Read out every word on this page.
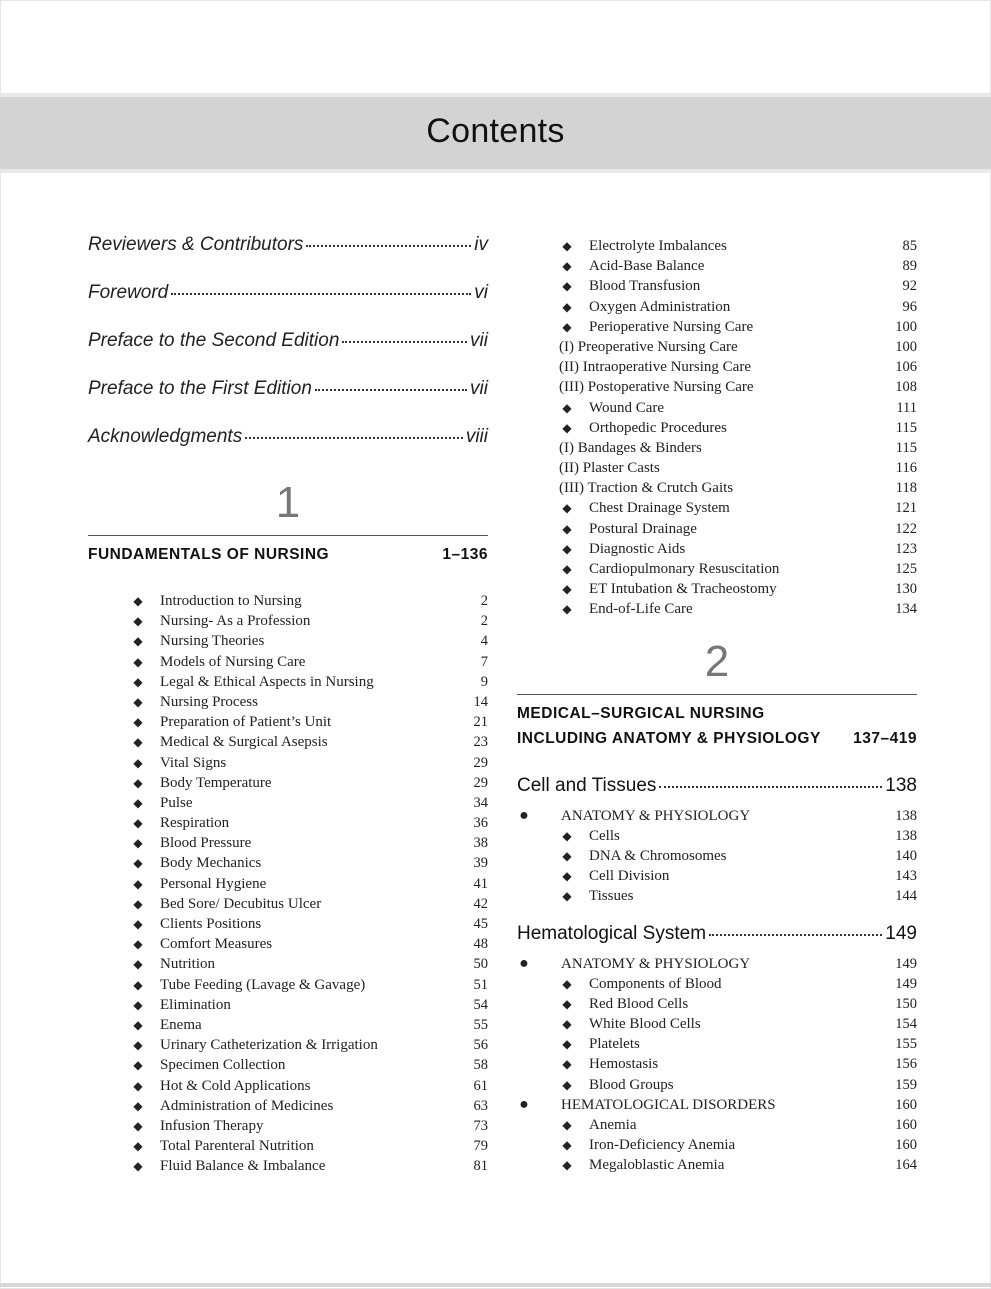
Contents
Reviewers & Contributors	iv
Foreword	vi
Preface to the Second Edition	vii
Preface to the First Edition	vii
Acknowledgments	viii

1

FUNDAMENTALS OF NURSING	1–136
◆	Introduction to Nursing	2
◆	Nursing- As a Profession	2
◆	Nursing Theories	4
◆	Models of Nursing Care	7
◆	Legal & Ethical Aspects in Nursing	9
◆	Nursing Process	14
◆	Preparation of Patient’s Unit	21
◆	Medical & Surgical Asepsis	23
◆	Vital Signs	29
◆	Body Temperature	29
◆	Pulse	34
◆	Respiration	36
◆	Blood Pressure	38
◆	Body Mechanics	39
◆	Personal Hygiene	41
◆	Bed Sore/ Decubitus Ulcer	42
◆	Clients Positions	45
◆	Comfort Measures	48
◆	Nutrition	50
◆	Tube Feeding (Lavage & Gavage)	51
◆	Elimination	54
◆	Enema	55
◆	Urinary Catheterization & Irrigation	56
◆	Specimen Collection	58
◆	Hot & Cold Applications	61
◆	Administration of Medicines	63
◆	Infusion Therapy	73
◆	Total Parenteral Nutrition	79
◆	Fluid Balance & Imbalance	81
◆	Electrolyte Imbalances	85
◆	Acid-Base Balance	89
◆	Blood Transfusion	92
◆	Oxygen Administration	96
◆	Perioperative Nursing Care	100
(I) Preoperative Nursing Care	100
(II) Intraoperative Nursing Care	106
(III) Postoperative Nursing Care	108
◆	Wound Care	111
◆	Orthopedic Procedures	115
(I) Bandages & Binders	115
(II) Plaster Casts	116
(III) Traction & Crutch Gaits	118
◆	Chest Drainage System	121
◆	Postural Drainage	122
◆	Diagnostic Aids	123
◆	Cardiopulmonary Resuscitation	125
◆	ET Intubation & Tracheostomy	130
◆	End-of-Life Care	134

2

MEDICAL–SURGICAL NURSING
INCLUDING ANATOMY & PHYSIOLOGY 137–419
Cell and Tissues	138
●	ANATOMY & PHYSIOLOGY	138
◆	Cells	138
◆	DNA & Chromosomes	140
◆	Cell Division	143
◆	Tissues	144
Hematological System	149
●	ANATOMY & PHYSIOLOGY	149
◆	Components of Blood	149
◆	Red Blood Cells	150
◆	White Blood Cells	154
◆	Platelets	155
◆	Hemostasis	156
◆	Blood Groups	159
●	HEMATOLOGICAL DISORDERS	160
◆	Anemia	160
◆	Iron-Deficiency Anemia	160
◆	Megaloblastic Anemia	164
